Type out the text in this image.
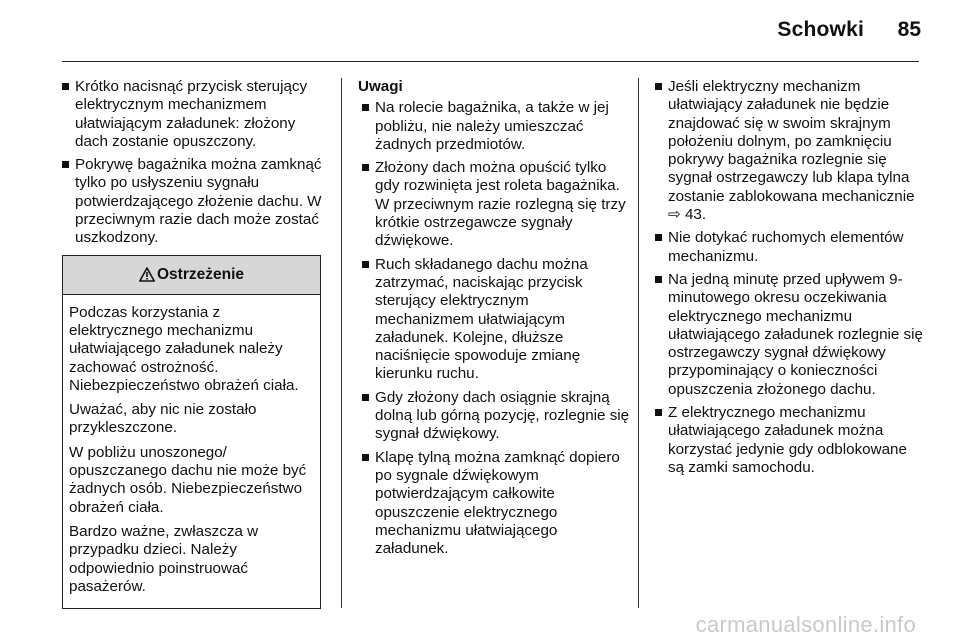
Schowki 85
Krótko nacisnąć przycisk sterujący elektrycznym mechanizmem ułatwiającym załadunek: złożony dach zostanie opuszczony.
Pokrywę bagażnika można zamknąć tylko po usłyszeniu sygnału potwierdzającego złożenie dachu. W przeciwnym razie dach może zostać uszkodzony.
Ostrzeżenie

Podczas korzystania z elektrycznego mechanizmu ułatwiającego załadunek należy zachować ostrożność. Niebezpieczeństwo obrażeń ciała.

Uważać, aby nic nie zostało przykleszczone.

W pobliżu unoszonego/ opuszczanego dachu nie może być żadnych osób. Niebezpieczeństwo obrażeń ciała.

Bardzo ważne, zwłaszcza w przypadku dzieci. Należy odpowiednio poinstruować pasażerów.

Uwagi
Na rolecie bagażnika, a także w jej pobliżu, nie należy umieszczać żadnych przedmiotów.
Złożony dach można opuścić tylko gdy rozwinięta jest roleta bagażnika. W przeciwnym razie rozlegną się trzy krótkie ostrzegawcze sygnały dźwiękowe.
Ruch składanego dachu można zatrzymać, naciskając przycisk sterujący elektrycznym mechanizmem ułatwiającym załadunek. Kolejne, dłuższe naciśnięcie spowoduje zmianę kierunku ruchu.
Gdy złożony dach osiągnie skrajną dolną lub górną pozycję, rozlegnie się sygnał dźwiękowy.
Klapę tylną można zamknąć dopiero po sygnale dźwiękowym potwierdzającym całkowite opuszczenie elektrycznego mechanizmu ułatwiającego załadunek.
Jeśli elektryczny mechanizm ułatwiający załadunek nie będzie znajdować się w swoim skrajnym położeniu dolnym, po zamknięciu pokrywy bagażnika rozlegnie się sygnał ostrzegawczy lub klapa tylna zostanie zablokowana mechanicznie ⇨ 43.
Nie dotykać ruchomych elementów mechanizmu.
Na jedną minutę przed upływem 9-minutowego okresu oczekiwania elektrycznego mechanizmu ułatwiającego załadunek rozlegnie się ostrzegawczy sygnał dźwiękowy przypominający o konieczności opuszczenia złożonego dachu.
Z elektrycznego mechanizmu ułatwiającego załadunek można korzystać jedynie gdy odblokowane są zamki samochodu.
carmanualsonline.info
